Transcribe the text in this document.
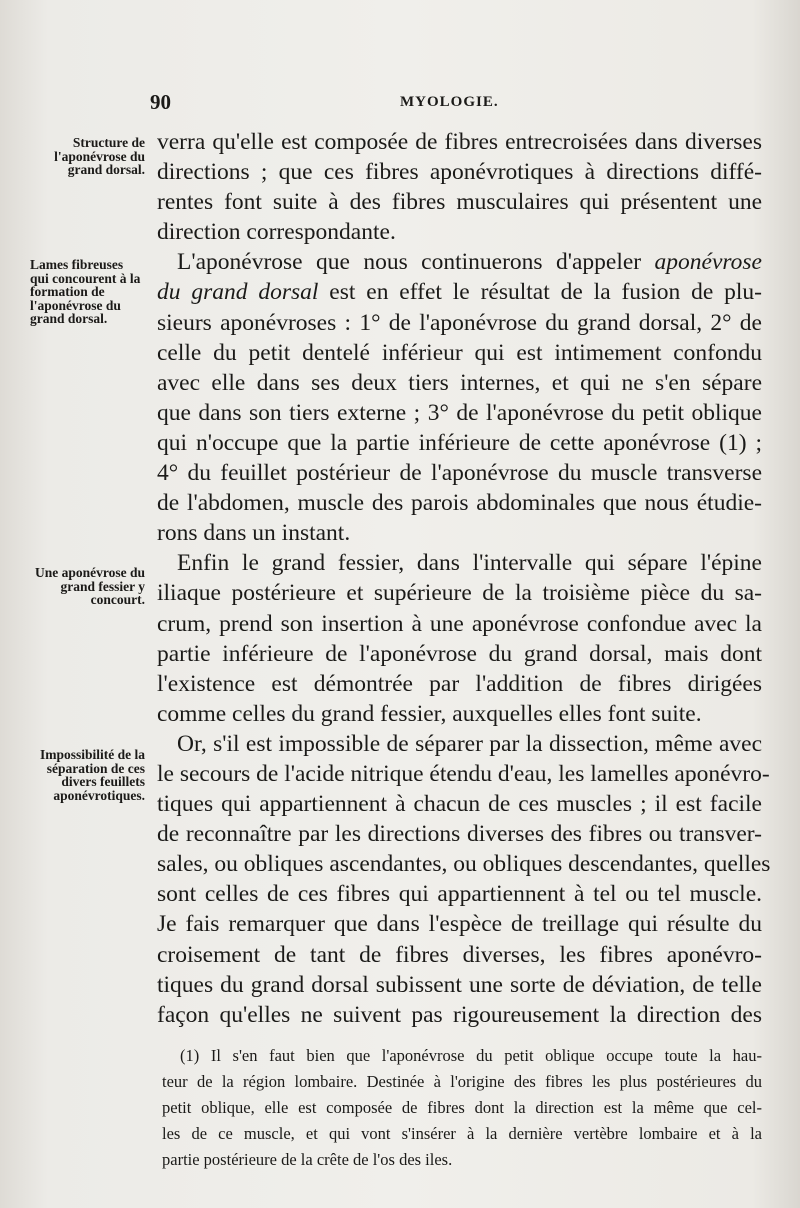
90	MYOLOGIE.
Structure de l'aponévrose du grand dorsal.
Lames fibreuses qui concourent à la formation de l'aponévrose du grand dorsal.
Une aponévrose du grand fessier y concourt.
Impossibilité de la séparation de ces divers feuillets aponévrotiques.
verra qu'elle est composée de fibres entrecroisées dans diverses
directions ; que ces fibres aponévrotiques à directions diffé-
rentes font suite à des fibres musculaires qui présentent une
direction correspondante.
L'aponévrose que nous continuerons d'appeler aponévrose
du grand dorsal est en effet le résultat de la fusion de plu-
sieurs aponévroses : 1° de l'aponévrose du grand dorsal, 2° de
celle du petit dentelé inférieur qui est intimement confondu
avec elle dans ses deux tiers internes, et qui ne s'en sépare
que dans son tiers externe ; 3° de l'aponévrose du petit oblique
qui n'occupe que la partie inférieure de cette aponévrose (1) ;
4° du feuillet postérieur de l'aponévrose du muscle transverse
de l'abdomen, muscle des parois abdominales que nous étudie-
rons dans un instant.
Enfin le grand fessier, dans l'intervalle qui sépare l'épine
iliaque postérieure et supérieure de la troisième pièce du sa-
crum, prend son insertion à une aponévrose confondue avec la
partie inférieure de l'aponévrose du grand dorsal, mais dont
l'existence est démontrée par l'addition de fibres dirigées
comme celles du grand fessier, auxquelles elles font suite.
Or, s'il est impossible de séparer par la dissection, même avec
le secours de l'acide nitrique étendu d'eau, les lamelles aponévro-
tiques qui appartiennent à chacun de ces muscles ; il est facile
de reconnaître par les directions diverses des fibres ou transver-
sales, ou obliques ascendantes, ou obliques descendantes, quelles
sont celles de ces fibres qui appartiennent à tel ou tel muscle.
Je fais remarquer que dans l'espèce de treillage qui résulte du
croisement de tant de fibres diverses, les fibres aponévro-
tiques du grand dorsal subissent une sorte de déviation, de telle
façon qu'elles ne suivent pas rigoureusement la direction des
(1) Il s'en faut bien que l'aponévrose du petit oblique occupe toute la hau-
teur de la région lombaire. Destinée à l'origine des fibres les plus postérieures du
petit oblique, elle est composée de fibres dont la direction est la même que cel-
les de ce muscle, et qui vont s'insérer à la dernière vertèbre lombaire et à la
partie postérieure de la crête de l'os des iles.
